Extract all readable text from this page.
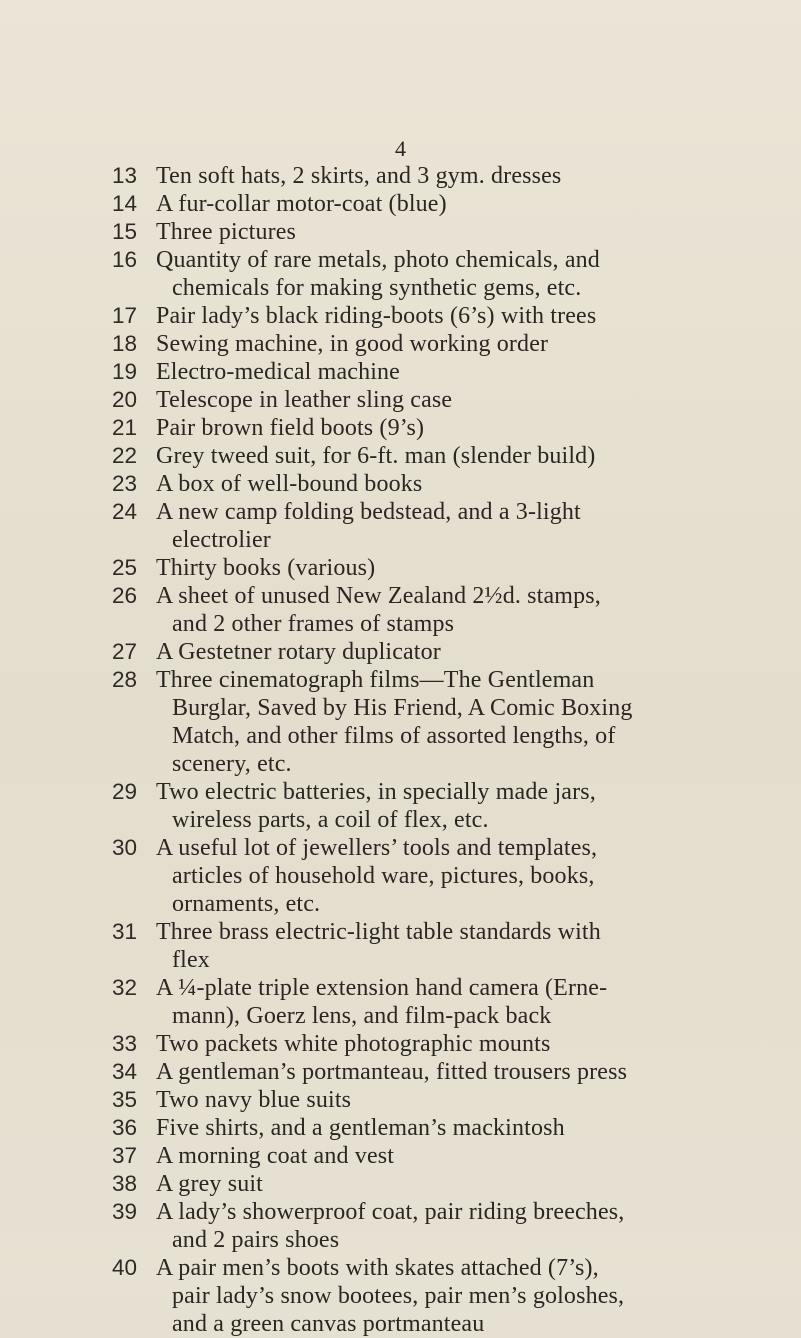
4
13 Ten soft hats, 2 skirts, and 3 gym. dresses
14 A fur-collar motor-coat (blue)
15 Three pictures
16 Quantity of rare metals, photo chemicals, and
chemicals for making synthetic gems, etc.
17 Pair lady’s black riding-boots (6’s) with trees
18 Sewing machine, in good working order
19 Electro-medical machine
20 Telescope in leather sling case
21 Pair brown field boots (9’s)
22 Grey tweed suit, for 6-ft. man (slender build)
23 A box of well-bound books
24 A new camp folding bedstead, and a 3-light
electrolier
25 Thirty books (various)
26 A sheet of unused New Zealand 2½d. stamps,
and 2 other frames of stamps
27 A Gestetner rotary duplicator
28 Three cinematograph films—The Gentleman
Burglar, Saved by His Friend, A Comic Boxing
Match, and other films of assorted lengths, of
scenery, etc.
29 Two electric batteries, in specially made jars,
wireless parts, a coil of flex, etc.
30 A useful lot of jewellers’ tools and templates,
articles of household ware, pictures, books,
ornaments, etc.
31 Three brass electric-light table standards with
flex
32 A ¼-plate triple extension hand camera (Erne-
mann), Goerz lens, and film-pack back
33 Two packets white photographic mounts
34 A gentleman’s portmanteau, fitted trousers press
35 Two navy blue suits
36 Five shirts, and a gentleman’s mackintosh
37 A morning coat and vest
38 A grey suit
39 A lady’s showerproof coat, pair riding breeches,
and 2 pairs shoes
40 A pair men’s boots with skates attached (7’s),
pair lady’s snow bootees, pair men’s goloshes,
and a green canvas portmanteau
